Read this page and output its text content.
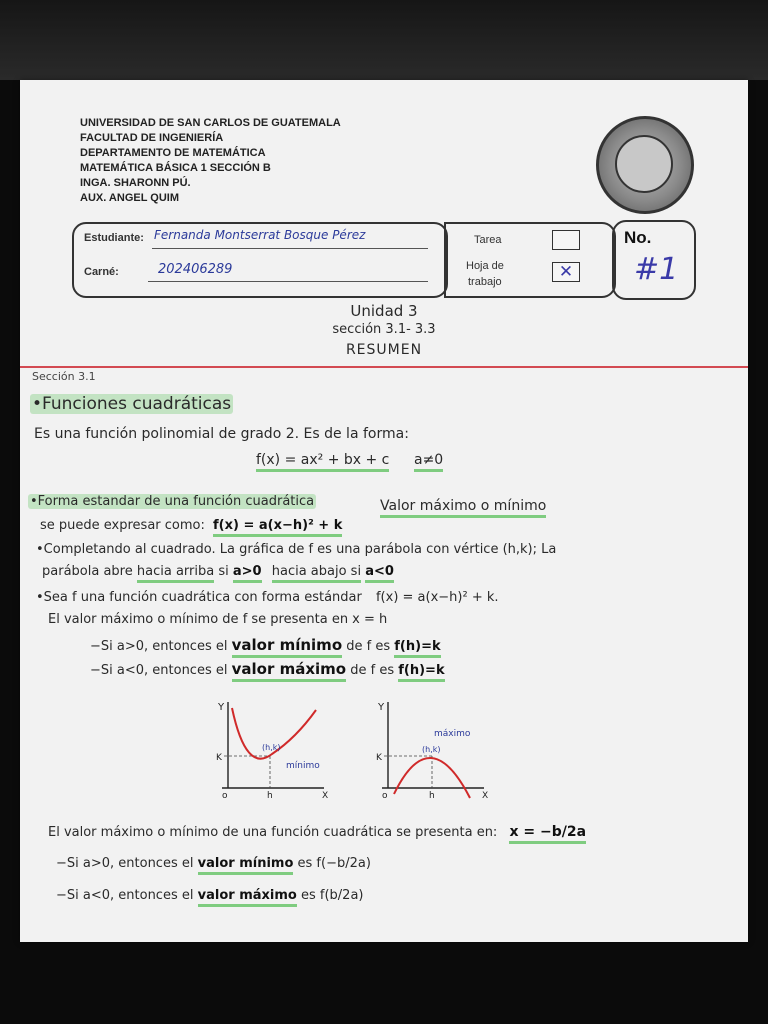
UNIVERSIDAD DE SAN CARLOS DE GUATEMALA
FACULTAD DE INGENIERÍA
DEPARTAMENTO DE MATEMÁTICA
MATEMÁTICA BÁSICA 1 SECCIÓN B
INGA. SHARONN PÚ.
AUX. ANGEL QUIM
Estudiante: Fernanda Montserrat Bosque Pérez
Carné:	202406289
Tarea
Hoja de
trabajo
✕
No.
#1
Unidad 3
sección 3.1- 3.3
RESUMEN
Sección 3.1
•Funciones cuadráticas
Es una función polinomial de grado 2. Es de la forma:
f(x) = ax² + bx + c a≠0
•Forma estandar de una función cuadrática	Valor máximo o mínimo
se puede expresar como: f(x) = a(x−h)² + k
•Completando al cuadrado. La gráfica de f es una parábola con vértice (h,k); La
parábola abre hacia arriba si a>0 hacia abajo si a<0
•Sea f una función cuadrática con forma estándar f(x) = a(x−h)² + k.
El valor máximo o mínimo de f se presenta en x = h
−Si a>0, entonces el valor mínimo de f es f(h)=k
−Si a<0, entonces el valor máximo de f es f(h)=k
Y
K
o	h	X
(h,k)
mínimo
Y
K
o	h	X
(h,k)
máximo
El valor máximo o mínimo de una función cuadrática se presenta en: x = −b/2a
−Si a>0, entonces el valor mínimo es f(−b/2a)
−Si a<0, entonces el valor máximo es f(b/2a)
